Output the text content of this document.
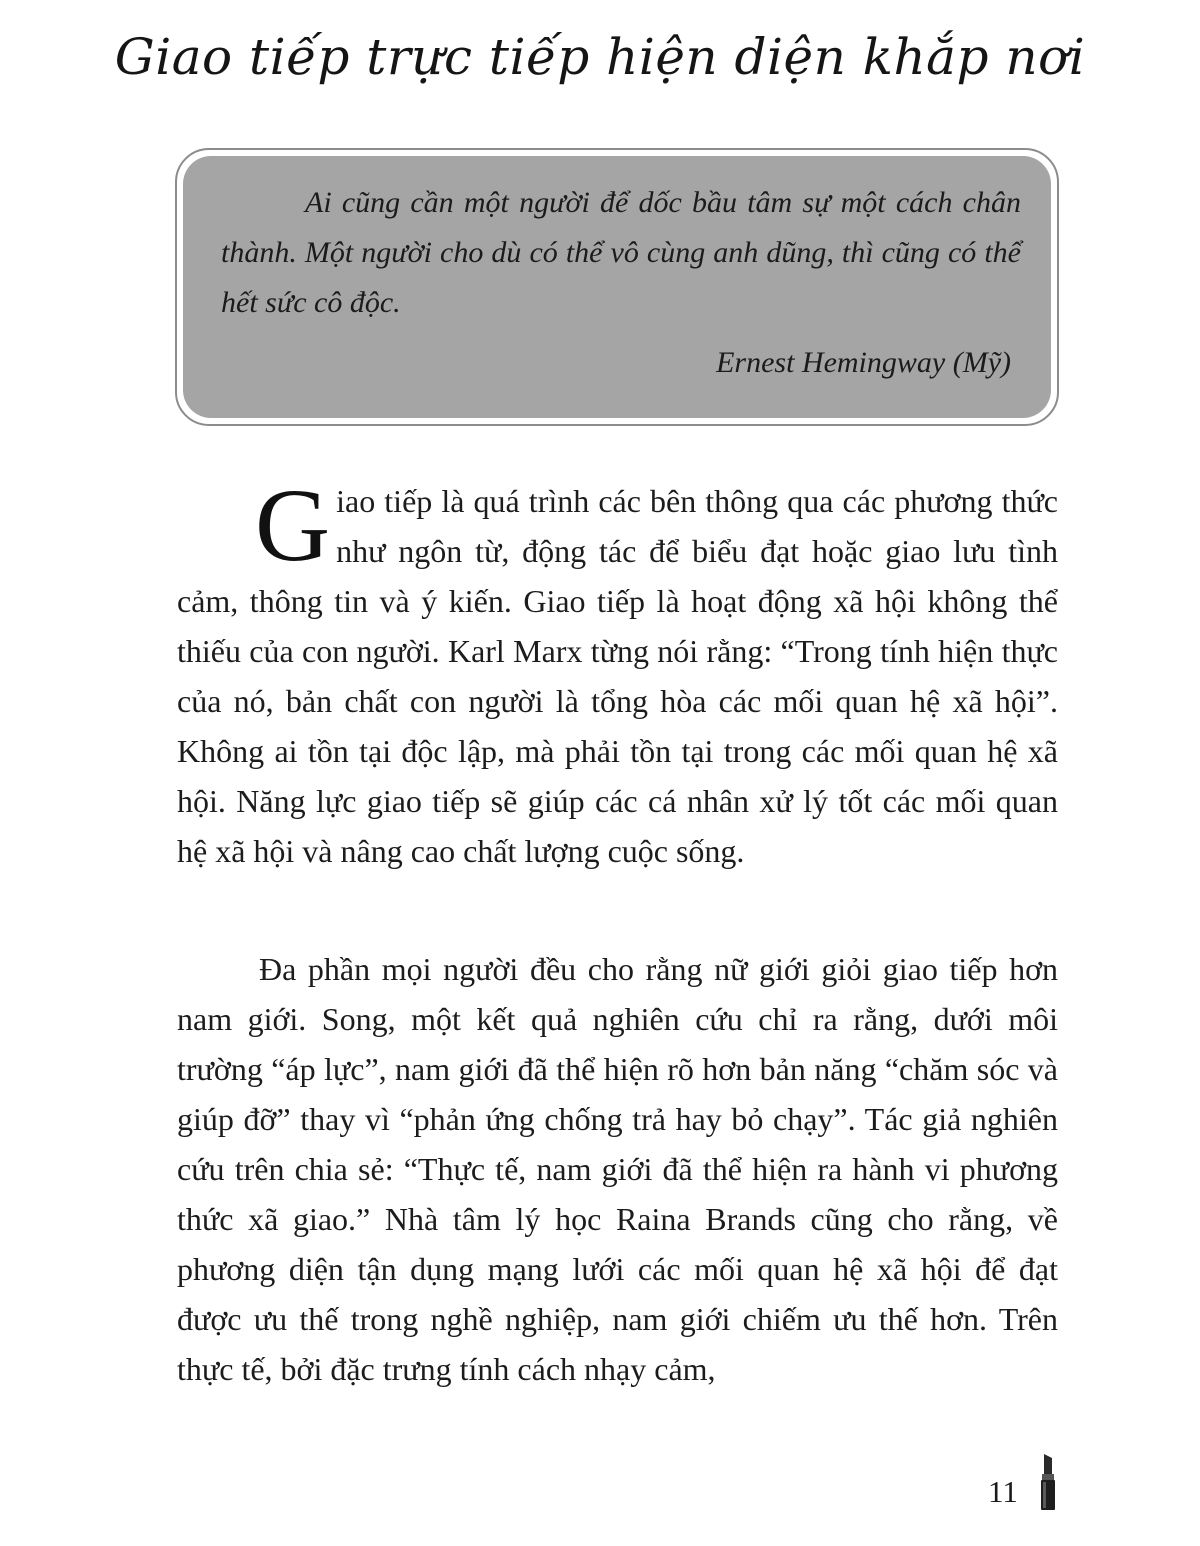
Giao tiếp trực tiếp hiện diện khắp nơi

Ai cũng cần một người để dốc bầu tâm sự một cách chân thành. Một người cho dù có thể vô cùng anh dũng, thì cũng có thể hết sức cô độc.

Ernest Hemingway (Mỹ)

Giao tiếp là quá trình các bên thông qua các phương thức như ngôn từ, động tác để biểu đạt hoặc giao lưu tình cảm, thông tin và ý kiến. Giao tiếp là hoạt động xã hội không thể thiếu của con người. Karl Marx từng nói rằng: “Trong tính hiện thực của nó, bản chất con người là tổng hòa các mối quan hệ xã hội”. Không ai tồn tại độc lập, mà phải tồn tại trong các mối quan hệ xã hội. Năng lực giao tiếp sẽ giúp các cá nhân xử lý tốt các mối quan hệ xã hội và nâng cao chất lượng cuộc sống.

Đa phần mọi người đều cho rằng nữ giới giỏi giao tiếp hơn nam giới. Song, một kết quả nghiên cứu chỉ ra rằng, dưới môi trường “áp lực”, nam giới đã thể hiện rõ hơn bản năng “chăm sóc và giúp đỡ” thay vì “phản ứng chống trả hay bỏ chạy”. Tác giả nghiên cứu trên chia sẻ: “Thực tế, nam giới đã thể hiện ra hành vi phương thức xã giao.” Nhà tâm lý học Raina Brands cũng cho rằng, về phương diện tận dụng mạng lưới các mối quan hệ xã hội để đạt được ưu thế trong nghề nghiệp, nam giới chiếm ưu thế hơn. Trên thực tế, bởi đặc trưng tính cách nhạy cảm,

11
